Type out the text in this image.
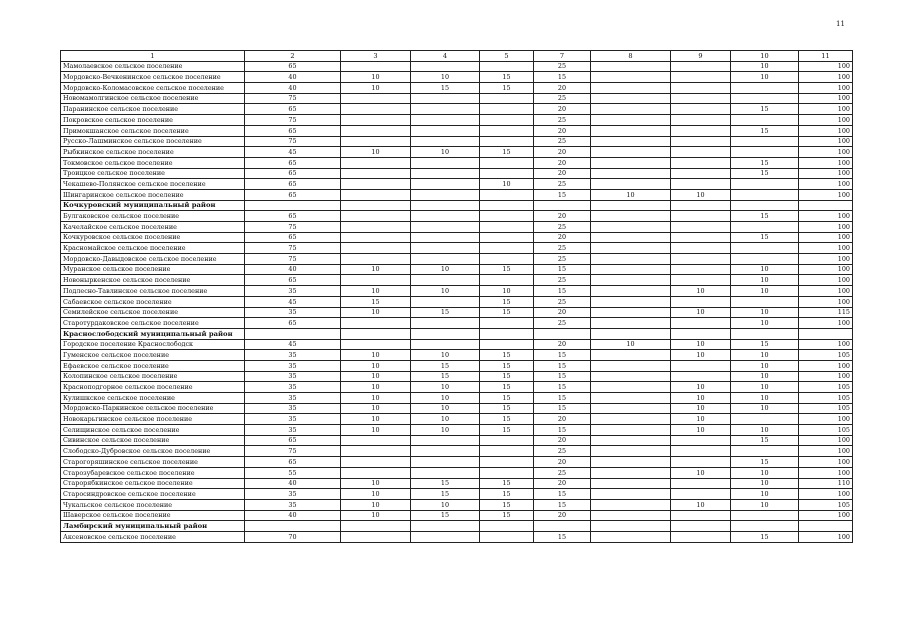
11
1	2	3	4	5	7	8	9	10	11
Мамолаевское сельское поселение	65				25			10	100
Мордовско-Вечкенинское сельское поселение	40	10	10	15	15			10	100
Мордовско-Коломасовское сельское поселение	40	10	15	15	20				100
Новомамолгинское сельское поселение	75				25				100
Паранинское сельское поселение	65				20			15	100
Покровское сельское поселение	75				25				100
Примокшанское сельское поселение	65				20			15	100
Русско-Лашминское сельское поселение	75				25				100
Рыбкинское сельское поселение	45	10	10	15	20				100
Токмовское сельское поселение	65				20			15	100
Троицкое сельское поселение	65				20			15	100
Чекашево-Полянское сельское поселение	65			10	25				100
Шингаринское сельское поселение	65				15	10	10		100
Кочкуровский муниципальный район									
Булгаковское сельское поселение	65				20			15	100
Качелайское сельское поселение	75				25				100
Кочкуровское сельское поселение	65				20			15	100
Красномайское сельское поселение	75				25				100
Мордовско-Давыдовское сельское поселение	75				25				100
Муранское сельское поселение	40	10	10	15	15			10	100
Новоныркенское сельское поселение	65				25			10	100
Подлесно-Тавлинское сельское поселение	35	10	10	10	15		10	10	100
Сабаевское сельское поселение	45	15		15	25				100
Семилейское сельское поселение	35	10	15	15	20		10	10	115
Старотурдаковское сельское поселение	65				25			10	100
Краснослободский муниципальный район									
Городское поселение Краснослободск	45				20	10	10	15	100
Гуменское сельское поселение	35	10	10	15	15		10	10	105
Ефаевское сельское поселение	35	10	15	15	15			10	100
Колопинское сельское поселение	35	10	15	15	15			10	100
Красноподгорное сельское поселение	35	10	10	15	15		10	10	105
Кулишкское сельское поселение	35	10	10	15	15		10	10	105
Мордовско-Паркинское сельское поселение	35	10	10	15	15		10	10	105
Новокарьгинское сельское поселение	35	10	10	15	20		10		100
Селищинское сельское поселение	35	10	10	15	15		10	10	105
Сивинское сельское поселение	65				20			15	100
Слободско-Дубровское сельское поселение	75				25				100
Старогоряшинское сельское поселение	65				20			15	100
Старозубаревское сельское поселение	55				25		10	10	100
Старорябкинское сельское поселение	40	10	15	15	20			10	110
Старосиндровское сельское поселение	35	10	15	15	15			10	100
Чукальское сельское поселение	35	10	10	15	15		10	10	105
Шаверское сельское поселение	40	10	15	15	20				100
Ламбирский муниципальный район									
Аксеновское сельское поселение	70				15			15	100
